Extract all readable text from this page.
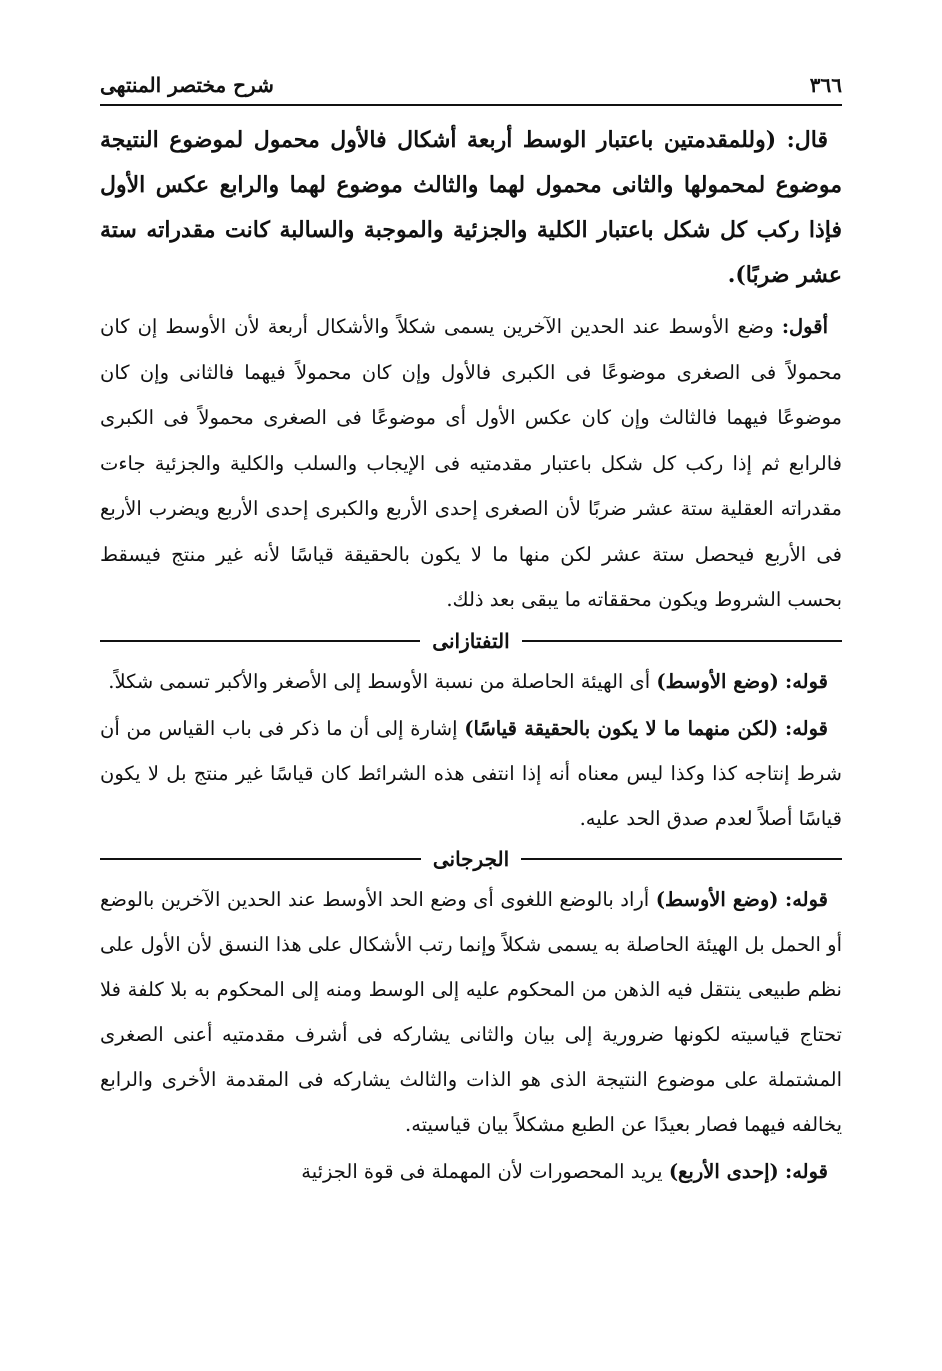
٣٦٦
شرح مختصر المنتهى

قال: (وللمقدمتين باعتبار الوسط أربعة أشكال فالأول محمول لموضوع النتيجة موضوع لمحمولها والثانى محمول لهما والثالث موضوع لهما والرابع عكس الأول فإذا ركب كل شكل باعتبار الكلية والجزئية والموجبة والسالبة كانت مقدراته ستة عشر ضربًا).

أقول: وضع الأوسط عند الحدين الآخرين يسمى شكلاً والأشكال أربعة لأن الأوسط إن كان محمولاً فى الصغرى موضوعًا فى الكبرى فالأول وإن كان محمولاً فيهما فالثانى وإن كان موضوعًا فيهما فالثالث وإن كان عكس الأول أى موضوعًا فى الصغرى محمولاً فى الكبرى فالرابع ثم إذا ركب كل شكل باعتبار مقدمتيه فى الإيجاب والسلب والكلية والجزئية جاءت مقدراته العقلية ستة عشر ضربًا لأن الصغرى إحدى الأربع والكبرى إحدى الأربع ويضرب الأربع فى الأربع فيحصل ستة عشر لكن منها ما لا يكون بالحقيقة قياسًا لأنه غير منتج فيسقط بحسب الشروط ويكون محققاته ما يبقى بعد ذلك.

التفتازانى

قوله: (وضع الأوسط) أى الهيئة الحاصلة من نسبة الأوسط إلى الأصغر والأكبر تسمى شكلاً.

قوله: (لكن منهما ما لا يكون بالحقيقة قياسًا) إشارة إلى أن ما ذكر فى باب القياس من أن شرط إنتاجه كذا وكذا ليس معناه أنه إذا انتفى هذه الشرائط كان قياسًا غير منتج بل لا يكون قياسًا أصلاً لعدم صدق الحد عليه.

الجرجانى

قوله: (وضع الأوسط) أراد بالوضع اللغوى أى وضع الحد الأوسط عند الحدين الآخرين بالوضع أو الحمل بل الهيئة الحاصلة به يسمى شكلاً وإنما رتب الأشكال على هذا النسق لأن الأول على نظم طبيعى ينتقل فيه الذهن من المحكوم عليه إلى الوسط ومنه إلى المحكوم به بلا كلفة فلا تحتاج قياسيته لكونها ضرورية إلى بيان والثانى يشاركه فى أشرف مقدمتيه أعنى الصغرى المشتملة على موضوع النتيجة الذى هو الذات والثالث يشاركه فى المقدمة الأخرى والرابع يخالفه فيهما فصار بعيدًا عن الطبع مشكلاً بيان قياسيته.

قوله: (إحدى الأربع) يريد المحصورات لأن المهملة فى قوة الجزئية
